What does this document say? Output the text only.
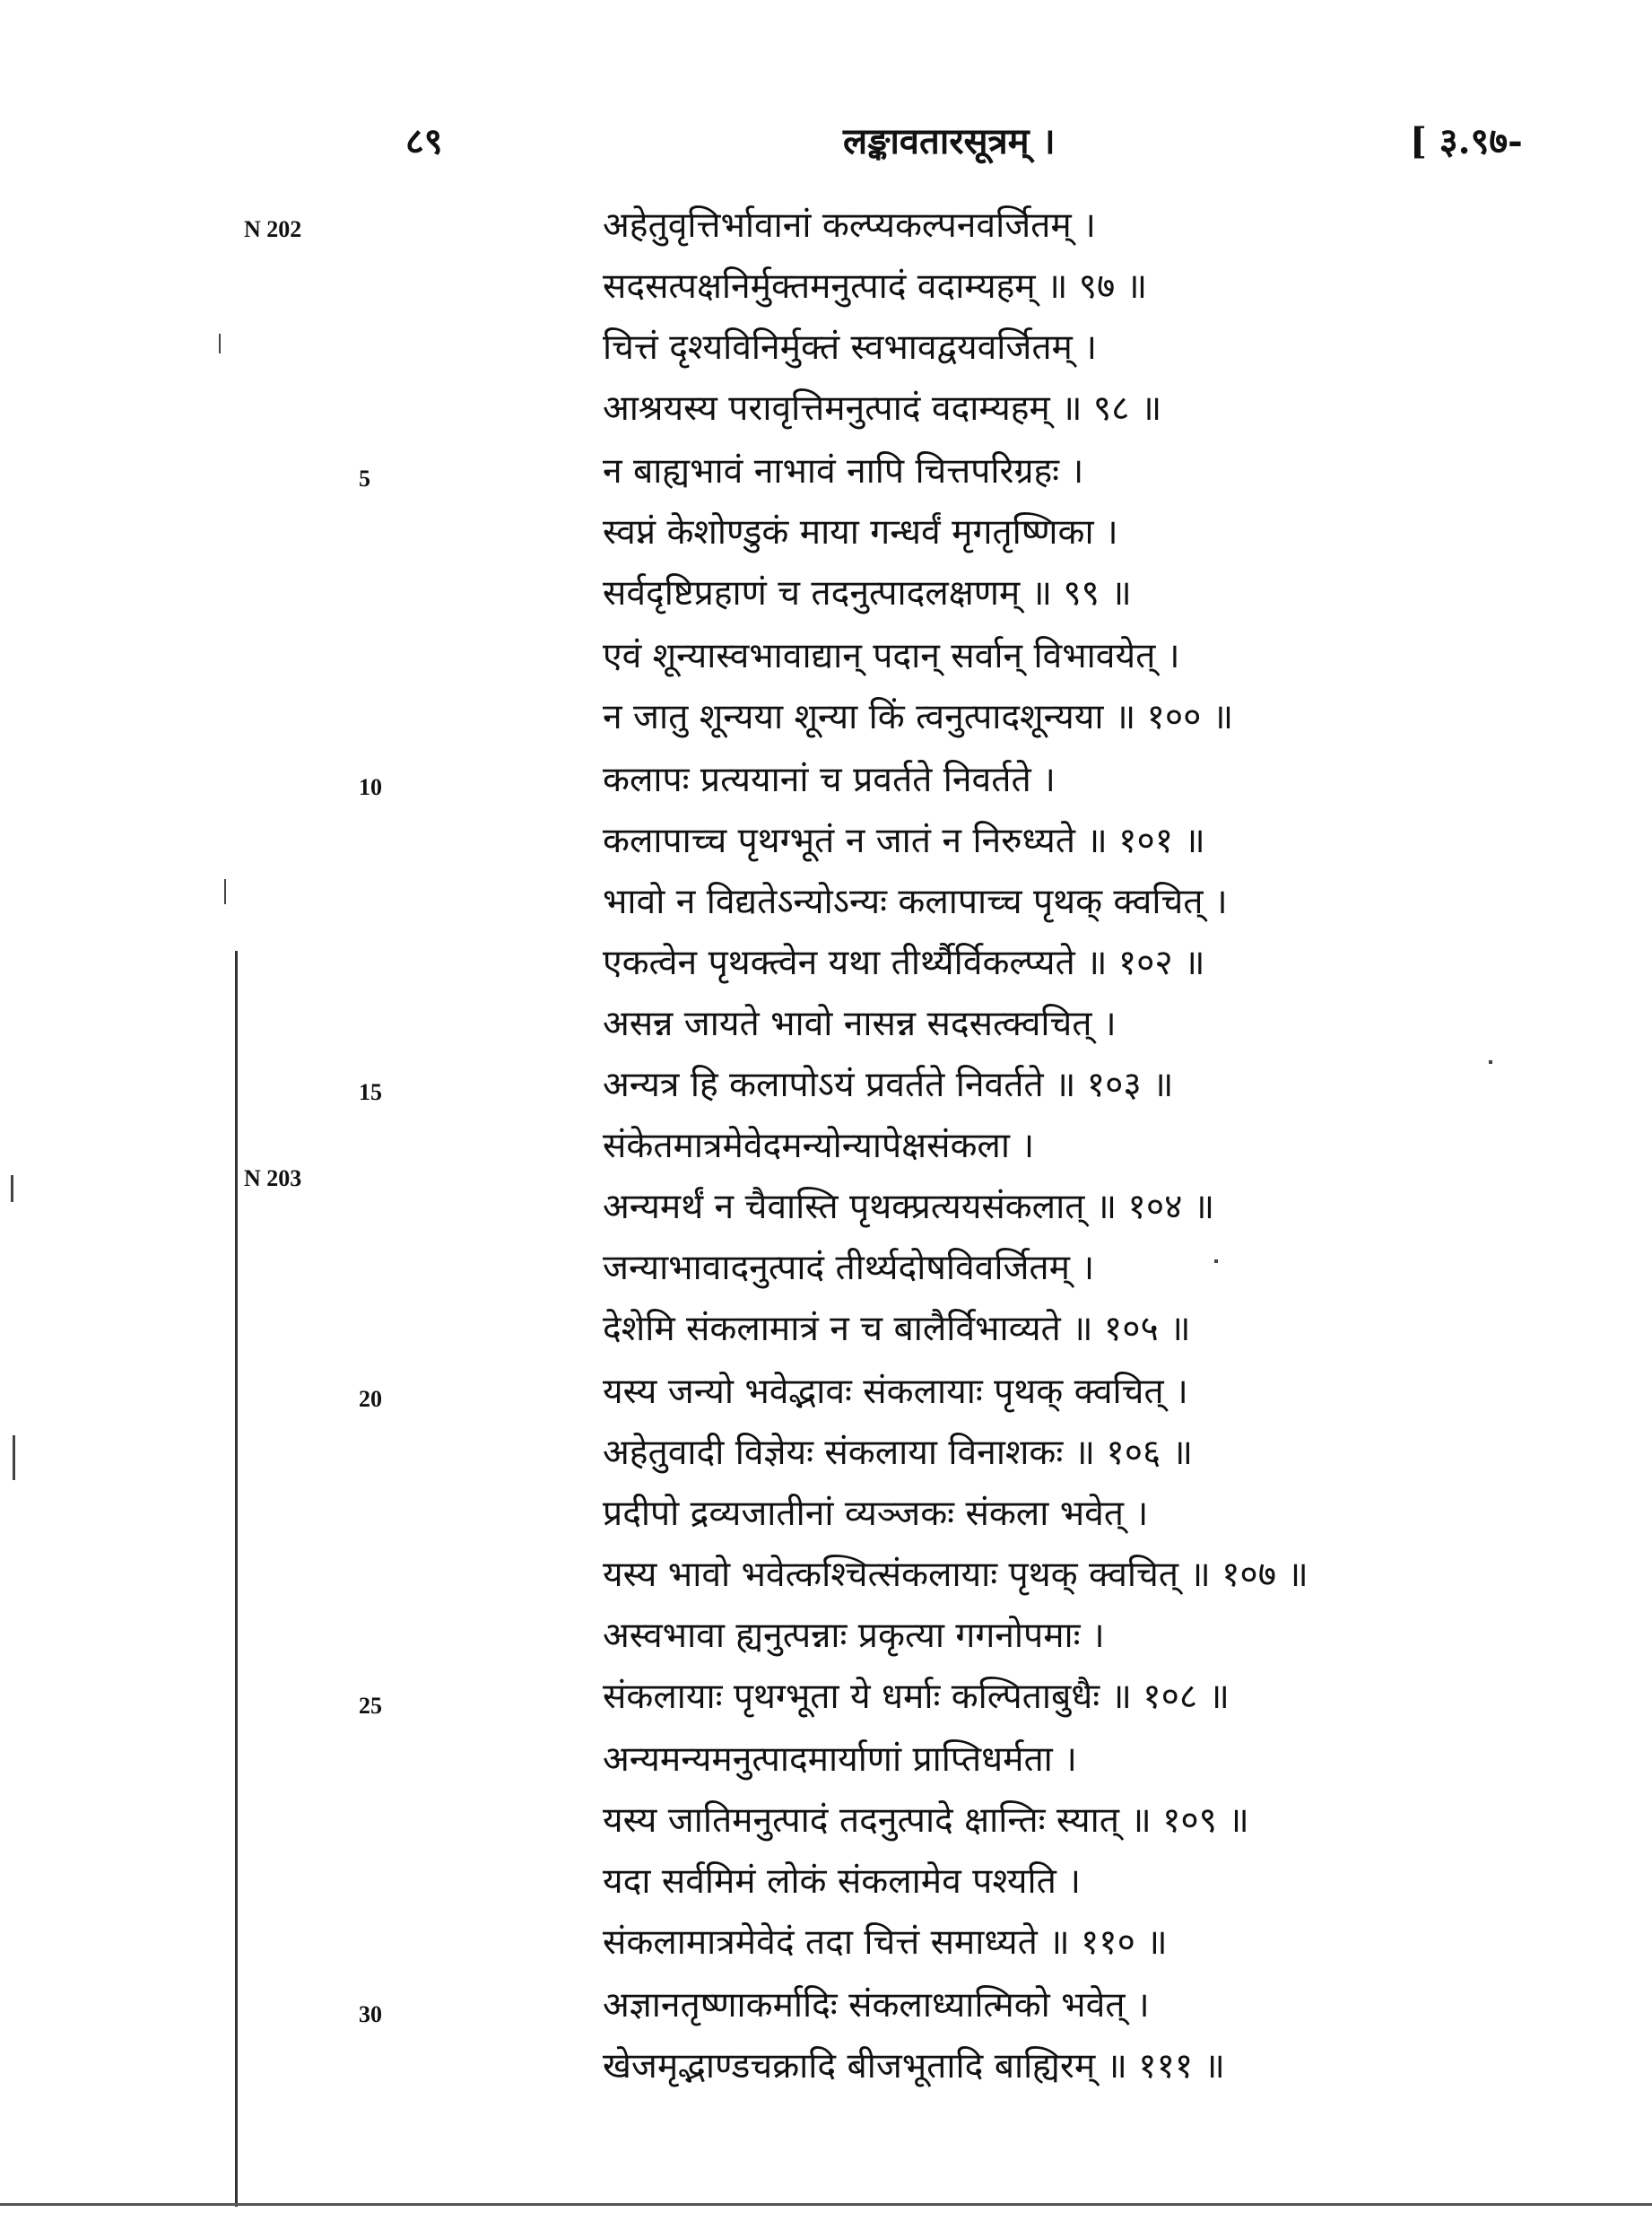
८९	लङ्कावतारसूत्रम् ।	[ ३.९७-
N 202
N 203
5
10
15
20
25
30
अहेतुवृत्तिर्भावानां कल्प्यकल्पनवर्जितम् ।
सदसत्पक्षनिर्मुक्तमनुत्पादं वदाम्यहम् ॥ ९७ ॥
चित्तं दृश्यविनिर्मुक्तं स्वभावद्वयवर्जितम् ।
आश्रयस्य परावृत्तिमनुत्पादं वदाम्यहम् ॥ ९८ ॥
न बाह्यभावं नाभावं नापि चित्तपरिग्रहः ।
स्वप्नं केशोण्डुकं माया गन्धर्वं मृगतृष्णिका ।
सर्वदृष्टिप्रहाणं च तदनुत्पादलक्षणम् ॥ ९९ ॥
एवं शून्यास्वभावाद्यान् पदान् सर्वान् विभावयेत् ।
न जातु शून्यया शून्या किं त्वनुत्पादशून्यया ॥ १०० ॥
कलापः प्रत्ययानां च प्रवर्तते निवर्तते ।
कलापाच्च पृथग्भूतं न जातं न निरुध्यते ॥ १०१ ॥
भावो न विद्यतेऽन्योऽन्यः कलापाच्च पृथक् क्वचित् ।
एकत्वेन पृथक्त्वेन यथा तीर्थ्यैर्विकल्प्यते ॥ १०२ ॥
असन्न जायते भावो नासन्न सदसत्क्वचित् ।
अन्यत्र हि कलापोऽयं प्रवर्तते निवर्तते ॥ १०३ ॥
संकेतमात्रमेवेदमन्योन्यापेक्षसंकला ।
अन्यमर्थं न चैवास्ति पृथक्प्रत्ययसंकलात् ॥ १०४ ॥
जन्याभावादनुत्पादं तीर्थ्यदोषविवर्जितम् ।
देशेमि संकलामात्रं न च बालैर्विभाव्यते ॥ १०५ ॥
यस्य जन्यो भवेद्भावः संकलायाः पृथक् क्वचित् ।
अहेतुवादी विज्ञेयः संकलाया विनाशकः ॥ १०६ ॥
प्रदीपो द्रव्यजातीनां व्यञ्जकः संकला भवेत् ।
यस्य भावो भवेत्कश्चित्संकलायाः पृथक् क्वचित् ॥ १०७ ॥
अस्वभावा ह्यनुत्पन्नाः प्रकृत्या गगनोपमाः ।
संकलायाः पृथग्भूता ये धर्माः कल्पिताबुधैः ॥ १०८ ॥
अन्यमन्यमनुत्पादमार्याणां प्राप्तिधर्मता ।
यस्य जातिमनुत्पादं तदनुत्पादे क्षान्तिः स्यात् ॥ १०९ ॥
यदा सर्वमिमं लोकं संकलामेव पश्यति ।
संकलामात्रमेवेदं तदा चित्तं समाध्यते ॥ ११० ॥
अज्ञानतृष्णाकर्मादिः संकलाध्यात्मिको भवेत् ।
खेजमृद्भाण्डचक्रादि बीजभूतादि बाह्यिरम् ॥ १११ ॥
